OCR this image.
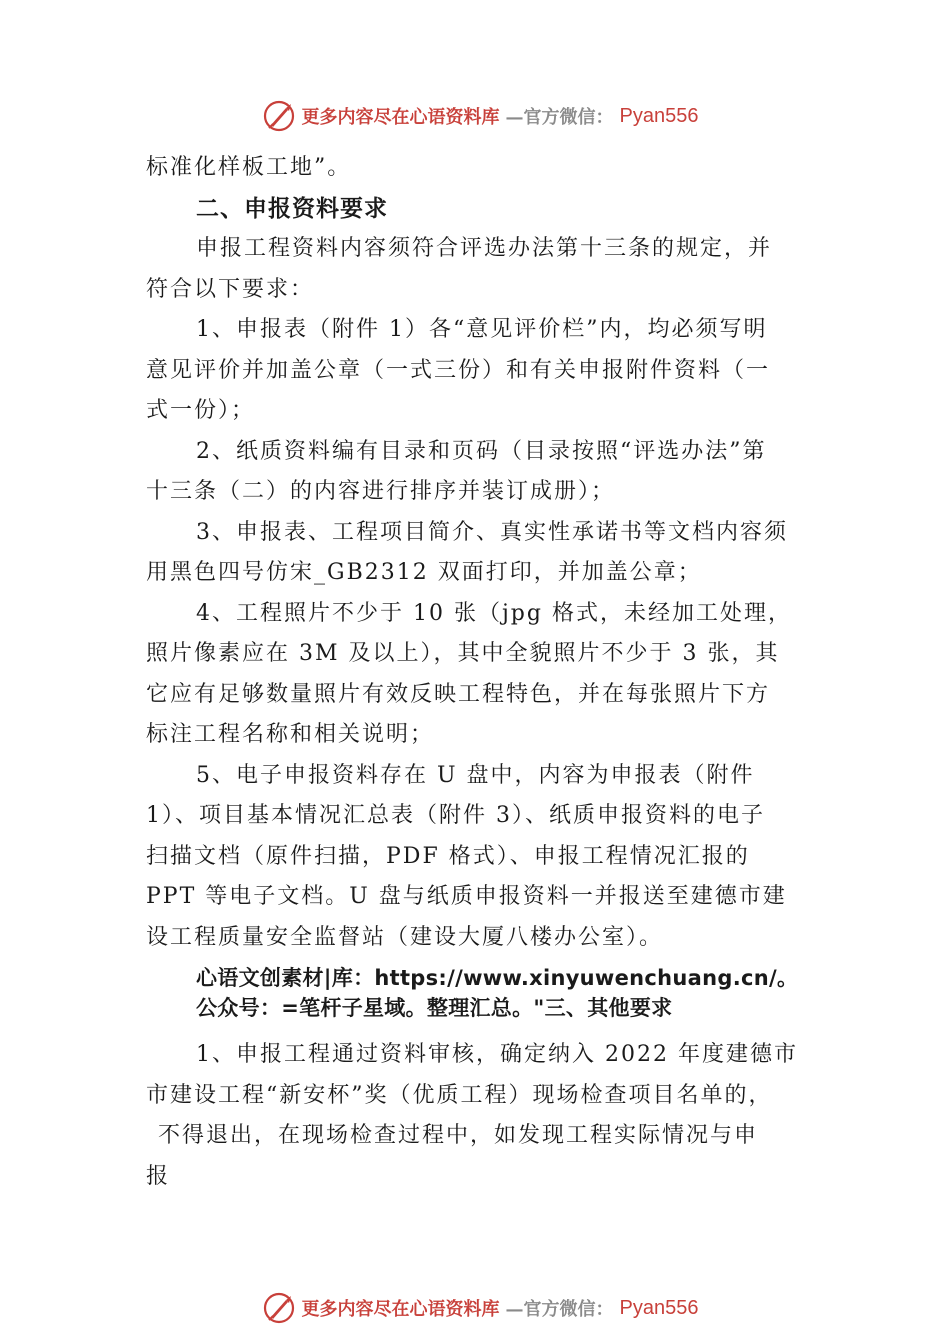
更多内容尽在心语资料库 —官方微信： Pyan556
标准化样板工地”。
二、申报资料要求
申报工程资料内容须符合评选办法第十三条的规定，并
符合以下要求：
1、申报表（附件 1）各“意见评价栏”内，均必须写明
意见评价并加盖公章（一式三份）和有关申报附件资料（一
式一份）；
2、纸质资料编有目录和页码（目录按照“评选办法”第
十三条（二）的内容进行排序并装订成册）；
3、申报表、工程项目简介、真实性承诺书等文档内容须
用黑色四号仿宋_GB2312 双面打印，并加盖公章；
4、工程照片不少于 10 张（jpg 格式，未经加工处理，
照片像素应在 3M 及以上），其中全貌照片不少于 3 张，其
它应有足够数量照片有效反映工程特色，并在每张照片下方
标注工程名称和相关说明；
5、电子申报资料存在 U 盘中，内容为申报表（附件
1）、项目基本情况汇总表（附件 3）、纸质申报资料的电子
扫描文档（原件扫描，PDF 格式）、申报工程情况汇报的
PPT 等电子文档。U 盘与纸质申报资料一并报送至建德市建
设工程质量安全监督站（建设大厦八楼办公室）。
心语文创素材|库：https://www.xinyuwenchuang.cn/。
公众号：=笔杆子星域。整理汇总。"三、其他要求
1、申报工程通过资料审核，确定纳入 2022 年度建德市
市建设工程“新安杯”奖（优质工程）现场检查项目名单的，
不得退出，在现场检查过程中，如发现工程实际情况与申
报
更多内容尽在心语资料库 —官方微信： Pyan556
